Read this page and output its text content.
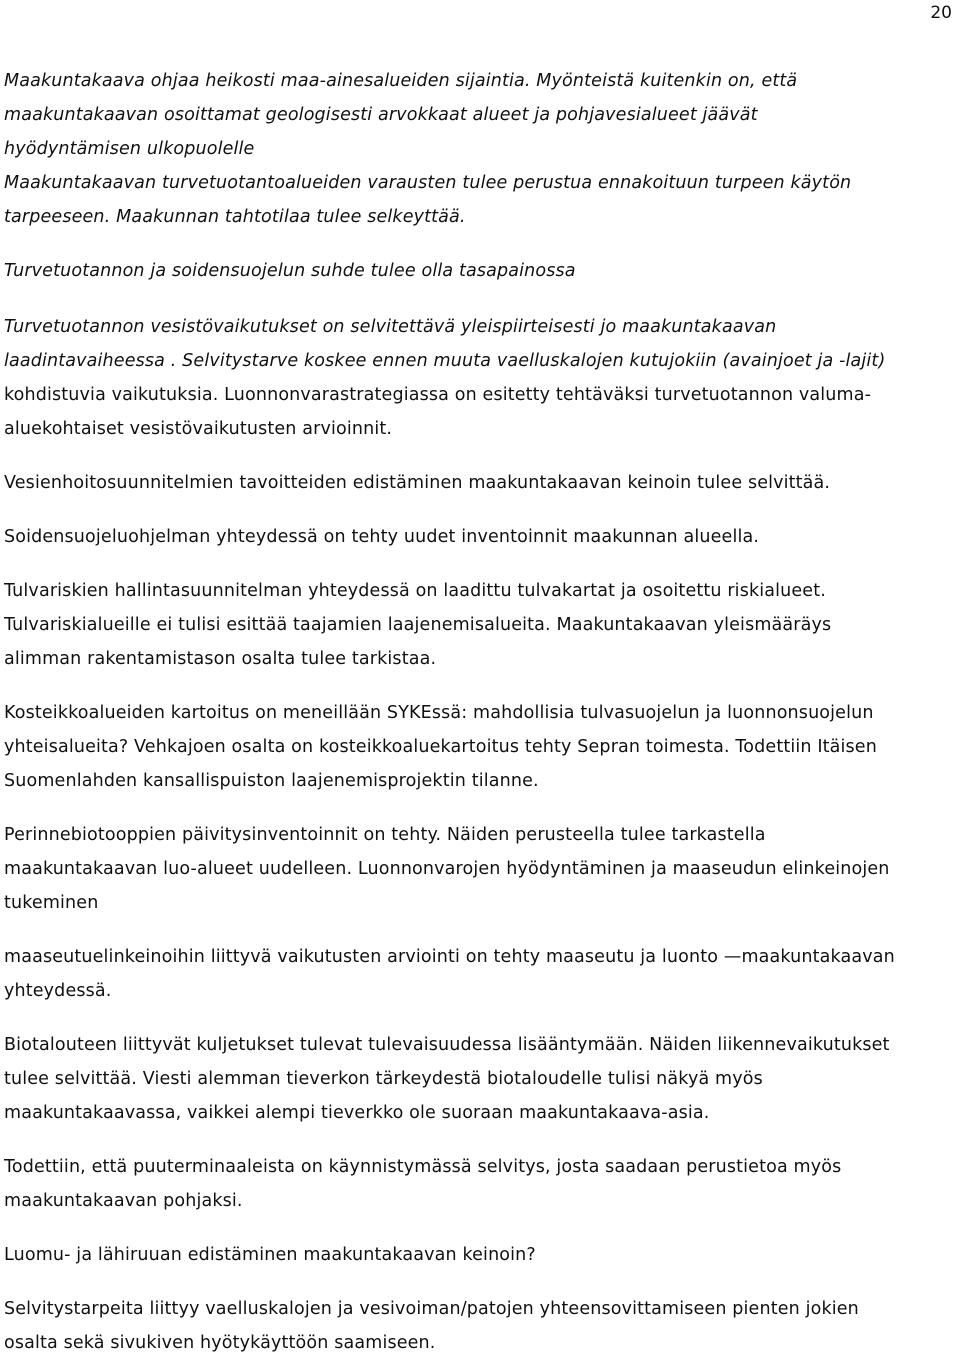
20

Maakuntakaava ohjaa heikosti maa-ainesalueiden sijaintia. Myönteistä kuitenkin on, että
maakuntakaavan osoittamat geologisesti arvokkaat alueet ja pohjavesialueet jäävät
hyödyntämisen ulkopuolelle

Maakuntakaavan turvetuotantoalueiden varausten tulee perustua ennakoituun turpeen käytön
tarpeeseen. Maakunnan tahtotilaa tulee selkeyttää.

Turvetuotannon ja soidensuojelun suhde tulee olla tasapainossa

Turvetuotannon vesistövaikutukset on selvitettävä yleispiirteisesti jo maakuntakaavan
laadintavaiheessa . Selvitystarve koskee ennen muuta vaelluskalojen kutujokiin (avainjoet ja -lajit)
kohdistuvia vaikutuksia. Luonnonvarastrategiassa on esitetty tehtäväksi turvetuotannon valuma-
aluekohtaiset vesistövaikutusten arvioinnit.

Vesienhoitosuunnitelmien tavoitteiden edistäminen maakuntakaavan keinoin tulee selvittää.

Soidensuojeluohjelman yhteydessä on tehty uudet inventoinnit maakunnan alueella.

Tulvariskien hallintasuunnitelman yhteydessä on laadittu tulvakartat ja osoitettu riskialueet.
Tulvariskialueille ei tulisi esittää taajamien laajenemisalueita. Maakuntakaavan yleismääräys
alimman rakentamistason osalta tulee tarkistaa.

Kosteikkoalueiden kartoitus on meneillään SYKEssä: mahdollisia tulvasuojelun ja luonnonsuojelun
yhteisalueita? Vehkajoen osalta on kosteikkoaluekartoitus tehty Sepran toimesta. Todettiin Itäisen
Suomenlahden kansallispuiston laajenemisprojektin tilanne.

Perinnebiotooppien päivitysinventoinnit on tehty. Näiden perusteella tulee tarkastella
maakuntakaavan luo-alueet uudelleen. Luonnonvarojen hyödyntäminen ja maaseudun elinkeinojen
tukeminen

maaseutuelinkeinoihin liittyvä vaikutusten arviointi on tehty maaseutu ja luonto —maakuntakaavan
yhteydessä.

Biotalouteen liittyvät kuljetukset tulevat tulevaisuudessa lisääntymään. Näiden liikennevaikutukset
tulee selvittää. Viesti alemman tieverkon tärkeydestä biotaloudelle tulisi näkyä myös
maakuntakaavassa, vaikkei alempi tieverkko ole suoraan maakuntakaava-asia.

Todettiin, että puuterminaaleista on käynnistymässä selvitys, josta saadaan perustietoa myös
maakuntakaavan pohjaksi.

Luomu- ja lähiruuan edistäminen maakuntakaavan keinoin?

Selvitystarpeita liittyy vaelluskalojen ja vesivoiman/patojen yhteensovittamiseen pienten jokien
osalta sekä sivukiven hyötykäyttöön saamiseen.
